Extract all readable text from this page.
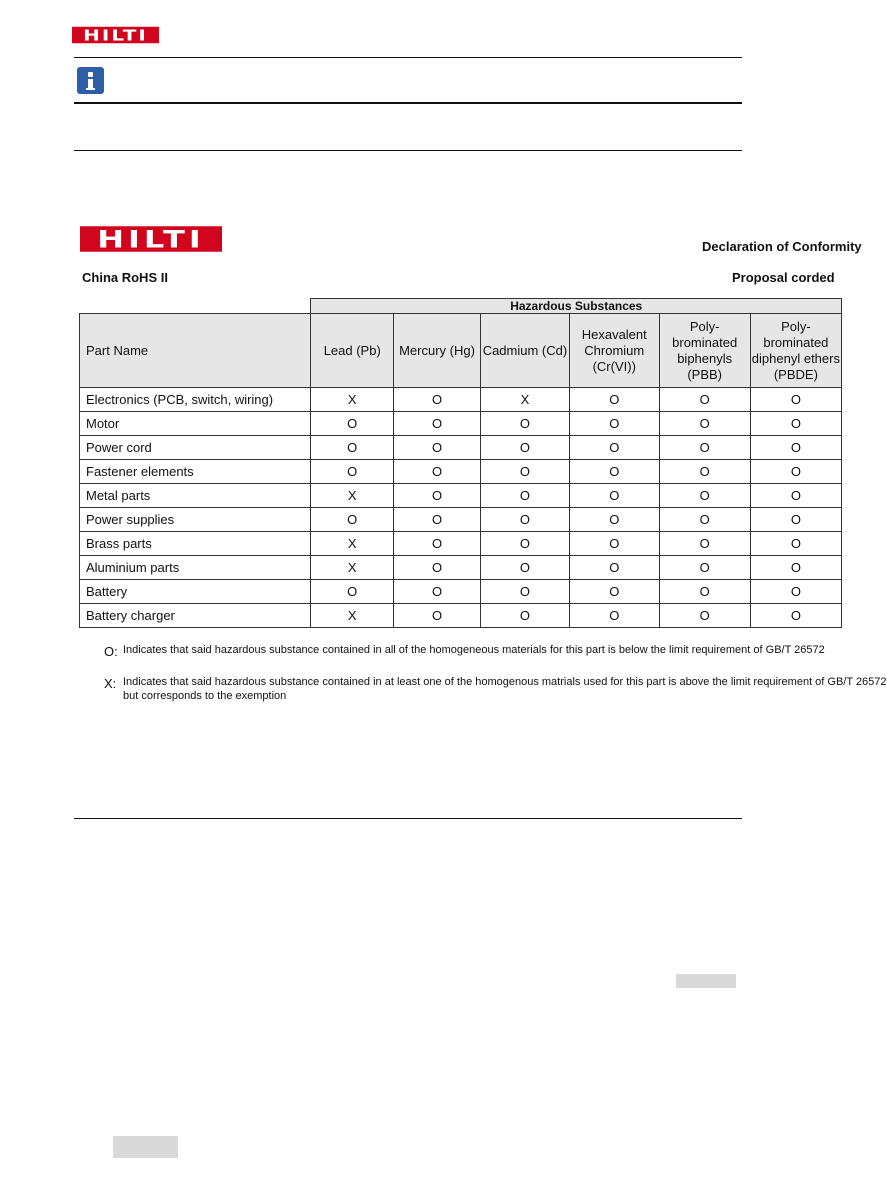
HILTI
HILTI	Declaration of Conformity
China RoHS II	Proposal corded
	Hazardous Substances					
Part Name	Lead (Pb)	Mercury (Hg)	Cadmium (Cd)	Hexavalent Chromium (Cr(VI))	Poly-brominated biphenyls (PBB)	Poly-brominated diphenyl ethers (PBDE)
Electronics (PCB, switch, wiring)	X	O	X	O	O	O
Motor	O	O	O	O	O	O
Power cord	O	O	O	O	O	O
Fastener elements	O	O	O	O	O	O
Metal parts	X	O	O	O	O	O
Power supplies	O	O	O	O	O	O
Brass parts	X	O	O	O	O	O
Aluminium parts	X	O	O	O	O	O
Battery	O	O	O	O	O	O
Battery charger	X	O	O	O	O	O
O: Indicates that said hazardous substance contained in all of the homogeneous materials for this part is below the limit requirement of GB/T 26572
X: Indicates that said hazardous substance contained in at least one of the homogenous matrials used for this part is above the limit requirement of GB/T 26572
but corresponds to the exemption
